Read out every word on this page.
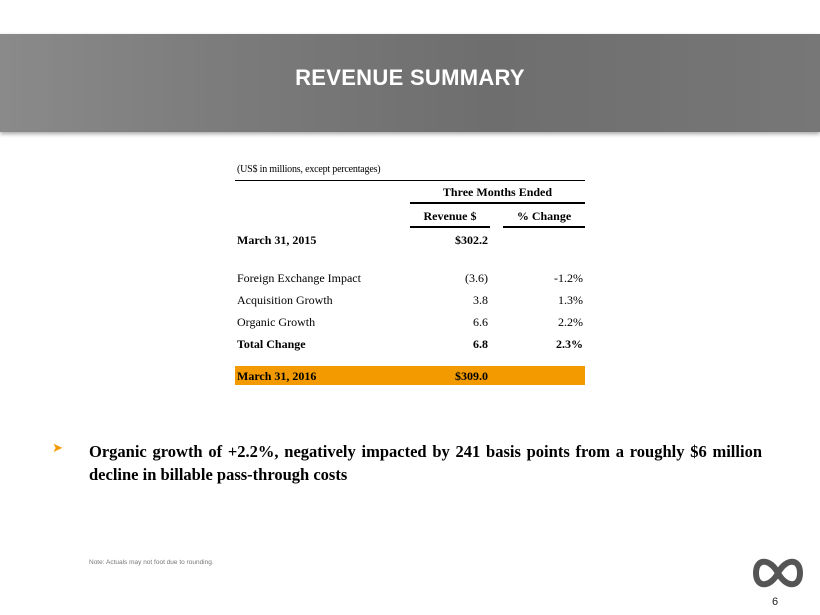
REVENUE SUMMARY
(US$ in millions, except percentages)
Three Months Ended
Revenue $	% Change
March 31, 2015	$302.2
Foreign Exchange Impact	(3.6)	-1.2%
Acquisition Growth	3.8	1.3%
Organic Growth	6.6	2.2%
Total Change	6.8	2.3%
March 31, 2016	$309.0
➤ Organic growth of +2.2%, negatively impacted by 241 basis points from a roughly $6 million decline in billable pass-through costs
Note: Actuals may not foot due to rounding.
6
